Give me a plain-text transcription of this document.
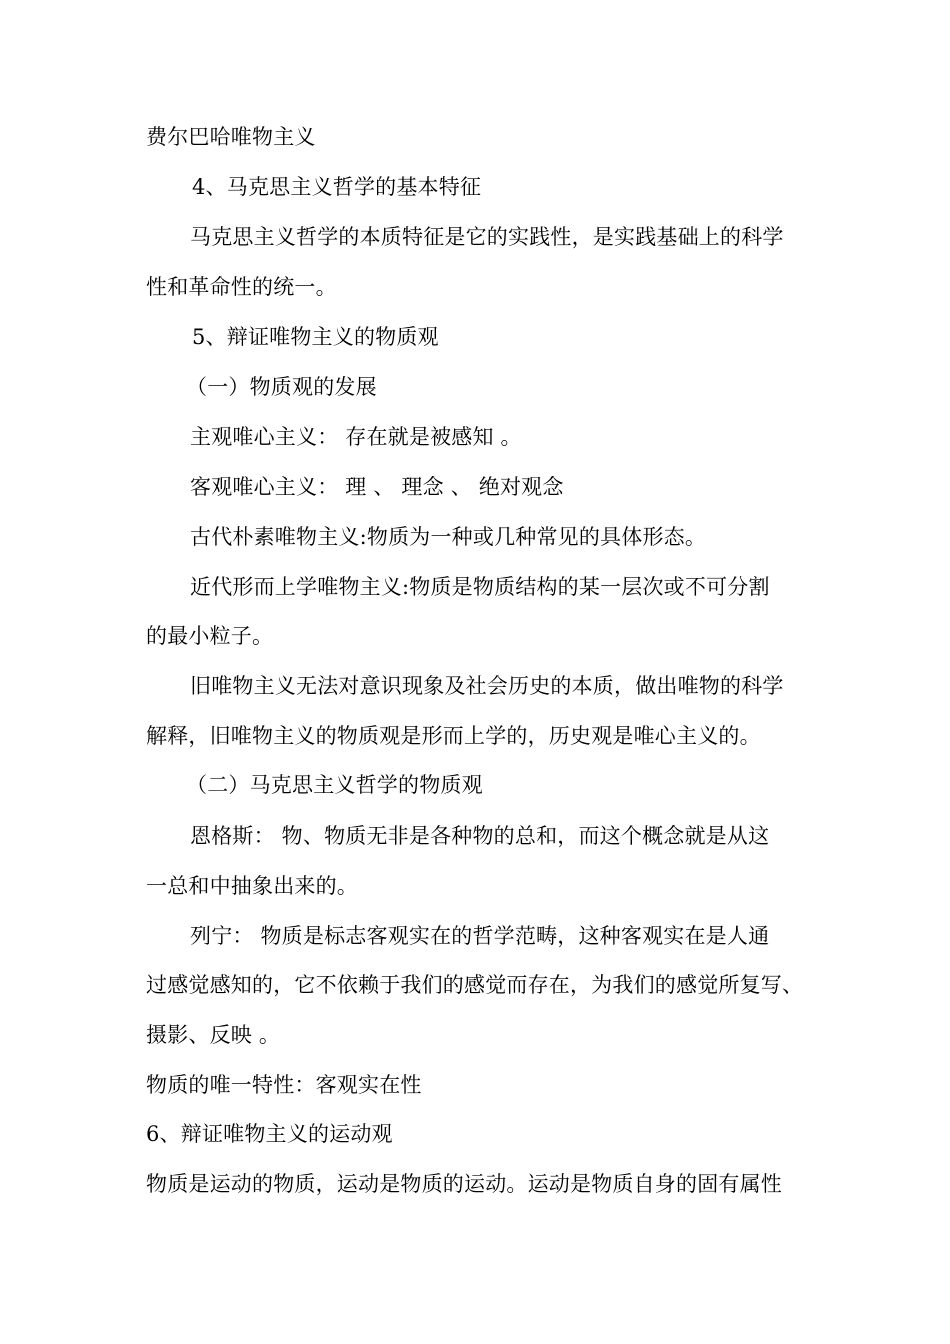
费尔巴哈唯物主义
4、马克思主义哲学的基本特征
马克思主义哲学的本质特征是它的实践性，是实践基础上的科学
性和革命性的统一。
5、辩证唯物主义的物质观
（一）物质观的发展
主观唯心主义： 存在就是被感知 。
客观唯心主义： 理 、 理念 、 绝对观念
古代朴素唯物主义:物质为一种或几种常见的具体形态。
近代形而上学唯物主义:物质是物质结构的某一层次或不可分割
的最小粒子。
旧唯物主义无法对意识现象及社会历史的本质，做出唯物的科学
解释，旧唯物主义的物质观是形而上学的，历史观是唯心主义的。
（二）马克思主义哲学的物质观
恩格斯： 物、物质无非是各种物的总和，而这个概念就是从这
一总和中抽象出来的。
列宁： 物质是标志客观实在的哲学范畴，这种客观实在是人通
过感觉感知的，它不依赖于我们的感觉而存在，为我们的感觉所复写、
摄影、反映 。
物质的唯一特性：客观实在性
6、辩证唯物主义的运动观
物质是运动的物质，运动是物质的运动。运动是物质自身的固有属性
